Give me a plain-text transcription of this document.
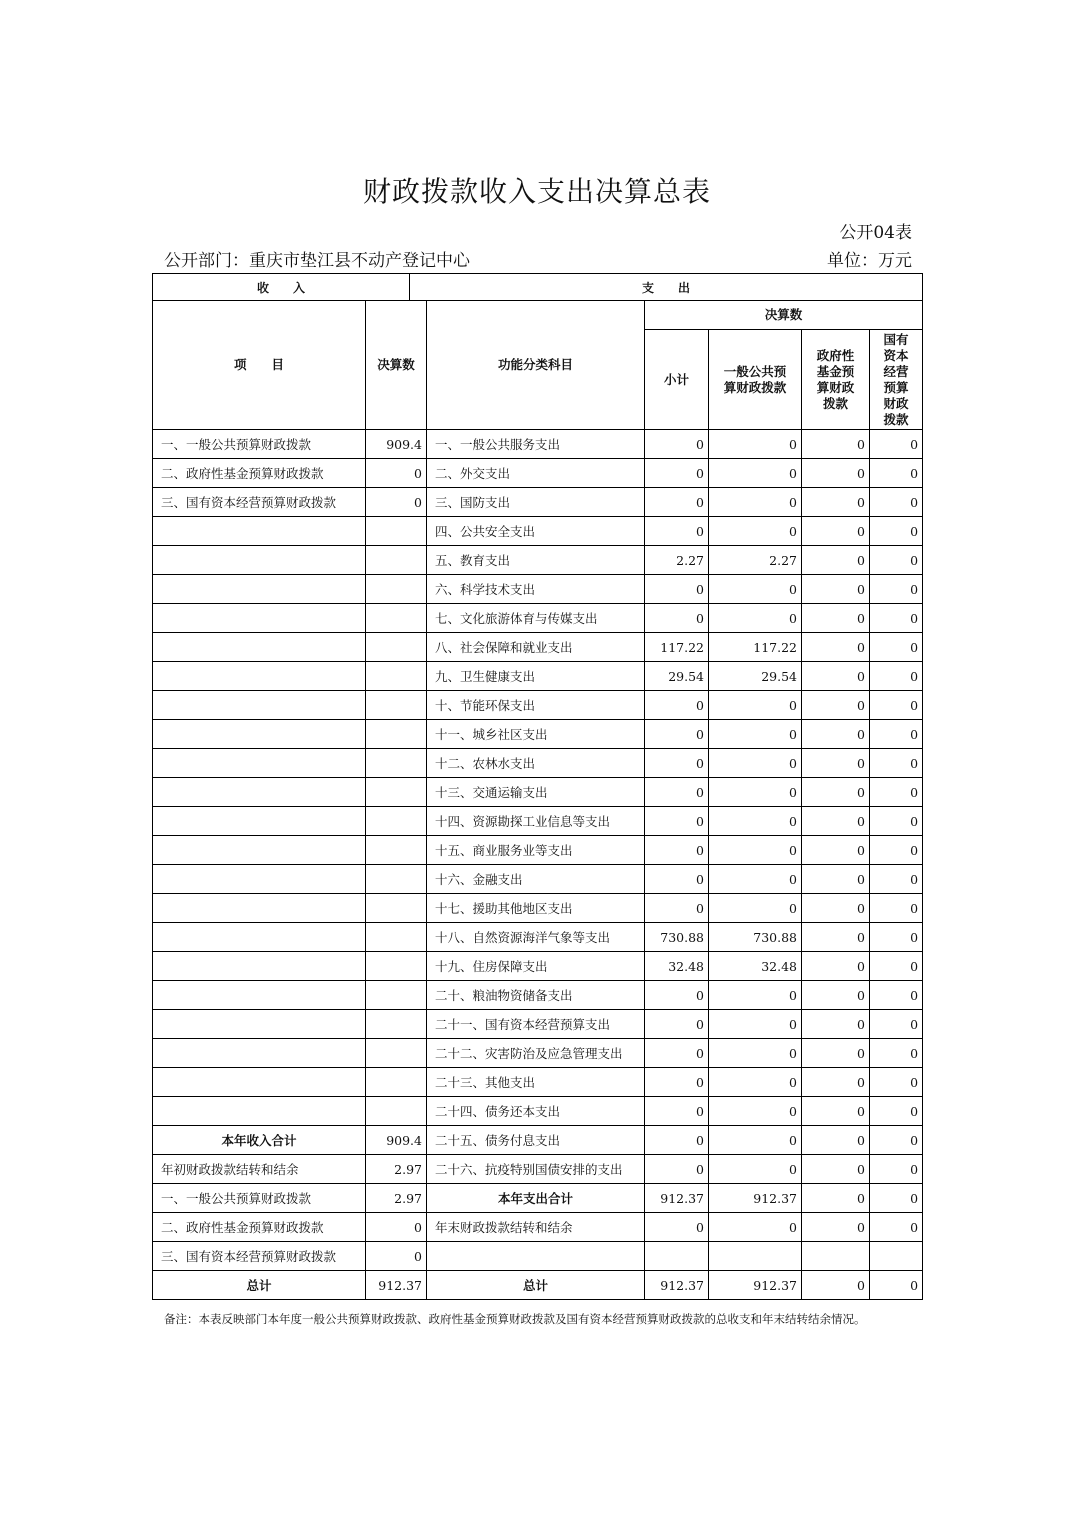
财政拨款收入支出决算总表
公开04表
公开部门：重庆市垫江县不动产登记中心	单位：万元
收　　入	支　　出
项　　目	决算数	功能分类科目	决算数			
			小计	一般公共预算财政拨款	政府性基金预算财政拨款	国有资本经营预算财政拨款
一、一般公共预算财政拨款	909.4	一、一般公共服务支出	0	0	0	0
二、政府性基金预算财政拨款	0	二、外交支出	0	0	0	0
三、国有资本经营预算财政拨款	0	三、国防支出	0	0	0	0
		四、公共安全支出	0	0	0	0
		五、教育支出	2.27	2.27	0	0
		六、科学技术支出	0	0	0	0
		七、文化旅游体育与传媒支出	0	0	0	0
		八、社会保障和就业支出	117.22	117.22	0	0
		九、卫生健康支出	29.54	29.54	0	0
		十、节能环保支出	0	0	0	0
		十一、城乡社区支出	0	0	0	0
		十二、农林水支出	0	0	0	0
		十三、交通运输支出	0	0	0	0
		十四、资源勘探工业信息等支出	0	0	0	0
		十五、商业服务业等支出	0	0	0	0
		十六、金融支出	0	0	0	0
		十七、援助其他地区支出	0	0	0	0
		十八、自然资源海洋气象等支出	730.88	730.88	0	0
		十九、住房保障支出	32.48	32.48	0	0
		二十、粮油物资储备支出	0	0	0	0
		二十一、国有资本经营预算支出	0	0	0	0
		二十二、灾害防治及应急管理支出	0	0	0	0
		二十三、其他支出	0	0	0	0
		二十四、债务还本支出	0	0	0	0
本年收入合计	909.4	二十五、债务付息支出	0	0	0	0
年初财政拨款结转和结余	2.97	二十六、抗疫特别国债安排的支出	0	0	0	0
一、一般公共预算财政拨款	2.97	本年支出合计	912.37	912.37	0	0
二、政府性基金预算财政拨款	0	年末财政拨款结转和结余	0	0	0	0
三、国有资本经营预算财政拨款	0					
总计	912.37	总计	912.37	912.37	0	0
备注：本表反映部门本年度一般公共预算财政拨款、政府性基金预算财政拨款及国有资本经营预算财政拨款的总收支和年末结转结余情况。
